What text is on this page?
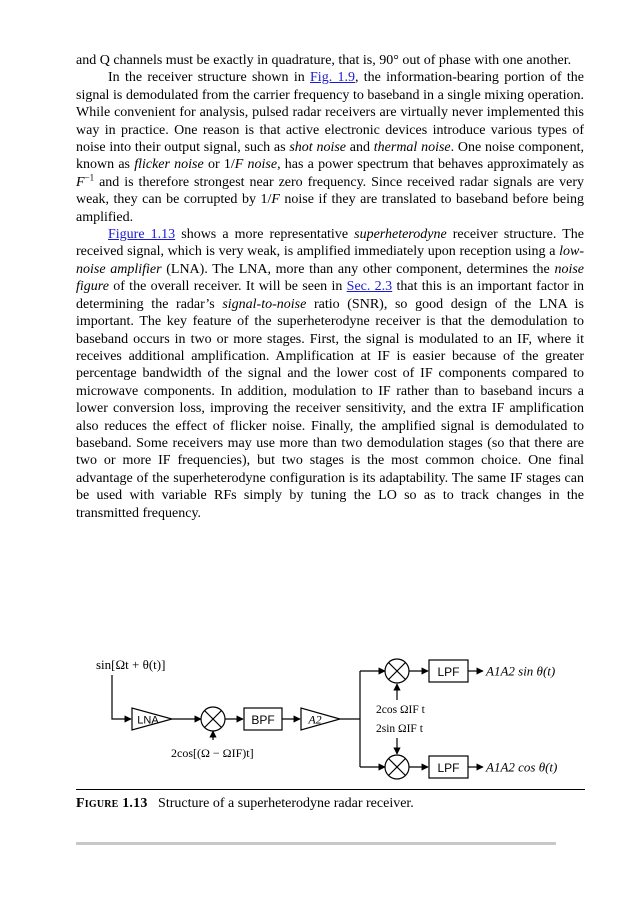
and Q channels must be exactly in quadrature, that is, 90° out of phase with one another.

In the receiver structure shown in Fig. 1.9, the information-bearing portion of the signal is demodulated from the carrier frequency to baseband in a single mixing operation. While convenient for analysis, pulsed radar receivers are virtually never implemented this way in practice. One reason is that active electronic devices introduce various types of noise into their output signal, such as shot noise and thermal noise. One noise component, known as flicker noise or 1/F noise, has a power spectrum that behaves approximately as $F^{-1}$ and is therefore strongest near zero frequency. Since received radar signals are very weak, they can be corrupted by 1/F noise if they are translated to baseband before being amplified.

Figure 1.13 shows a more representative superheterodyne receiver structure. The received signal, which is very weak, is amplified immediately upon reception using a low-noise amplifier (LNA). The LNA, more than any other component, determines the noise figure of the overall receiver. It will be seen in Sec. 2.3 that this is an important factor in determining the radar’s signal-to-noise ratio (SNR), so good design of the LNA is important. The key feature of the superheterodyne receiver is that the demodulation to baseband occurs in two or more stages. First, the signal is modulated to an IF, where it receives additional amplification. Amplification at IF is easier because of the greater percentage bandwidth of the signal and the lower cost of IF components compared to microwave components. In addition, modulation to IF rather than to baseband incurs a lower conversion loss, improving the receiver sensitivity, and the extra IF amplification also reduces the effect of flicker noise. Finally, the amplified signal is demodulated to baseband. Some receivers may use more than two demodulation stages (so that there are two or more IF frequencies), but two stages is the most common choice. One final advantage of the superheterodyne configuration is its adaptability. The same IF stages can be used with variable RFs simply by tuning the LO so as to track changes in the transmitted frequency.

sin[Ωt + θ(t)]
LNA	BPF	A2
2cos[(Ω − ΩIF)t]
2cos ΩIF t
2sin ΩIF t
LPF
LPF
A1A2 sin θ(t)
A1A2 cos θ(t)
Figure 1.13 Structure of a superheterodyne radar receiver.
